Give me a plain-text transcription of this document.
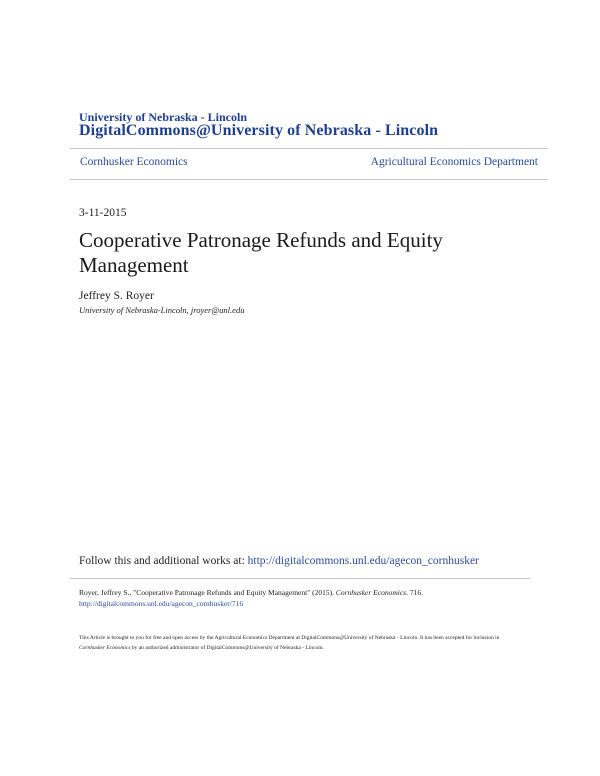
University of Nebraska - Lincoln
DigitalCommons@University of Nebraska - Lincoln
Cornhusker Economics	Agricultural Economics Department
3-11-2015
Cooperative Patronage Refunds and Equity Management
Jeffrey S. Royer
University of Nebraska-Lincoln, jroyer@unl.edu
Follow this and additional works at: http://digitalcommons.unl.edu/agecon_cornhusker
Royer, Jeffrey S., "Cooperative Patronage Refunds and Equity Management" (2015). Cornhusker Economics. 716.
http://digitalcommons.unl.edu/agecon_cornhusker/716
This Article is brought to you for free and open access by the Agricultural Economics Department at DigitalCommons@University of Nebraska - Lincoln. It has been accepted for inclusion in Cornhusker Economics by an authorized administrator of DigitalCommons@University of Nebraska - Lincoln.
